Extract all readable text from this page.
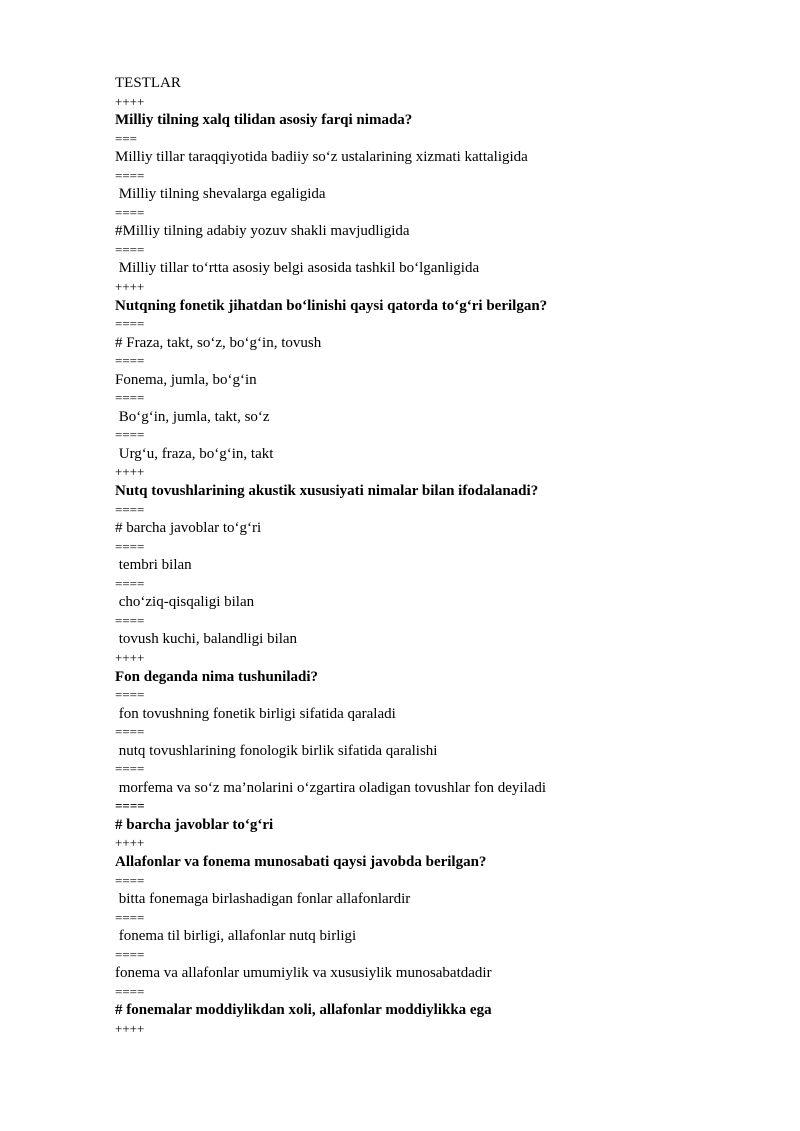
TESTLAR
++++
Milliy tilning xalq tilidan asosiy farqi nimada?
===
Milliy tillar taraqqiyotida badiiy so‘z ustalarining xizmati kattaligida
====
Milliy tilning shevalarga egaligida
====
#Milliy tilning adabiy yozuv shakli mavjudligida
====
Milliy tillar to‘rtta asosiy belgi asosida tashkil bo‘lganligida
++++
Nutqning fonetik jihatdan bo‘linishi qaysi qatorda to‘g‘ri berilgan?
====
# Fraza, takt, so‘z, bo‘g‘in, tovush
====
Fonema, jumla, bo‘g‘in
====
Bo‘g‘in, jumla, takt, so‘z
====
Urg‘u, fraza, bo‘g‘in, takt
++++
Nutq tovushlarining akustik xususiyati nimalar bilan ifodalanadi?
====
# barcha javoblar to‘g‘ri
====
tembri bilan
====
cho‘ziq-qisqaligi bilan
====
tovush kuchi, balandligi bilan
++++
Fon deganda nima tushuniladi?
====
fon tovushning fonetik birligi sifatida qaraladi
====
nutq tovushlarining fonologik birlik sifatida qaralishi
====
morfema va so‘z ma’nolarini o‘zgartira oladigan tovushlar fon deyiladi
====
# barcha javoblar to‘g‘ri
++++
Allafonlar va fonema munosabati qaysi javobda berilgan?
====
bitta fonemaga birlashadigan fonlar allafonlardir
====
fonema til birligi, allafonlar nutq birligi
====
fonema va allafonlar umumiylik va xususiylik munosabatdadir
====
# fonemalar moddiylikdan xoli, allafonlar moddiylikka ega
++++
